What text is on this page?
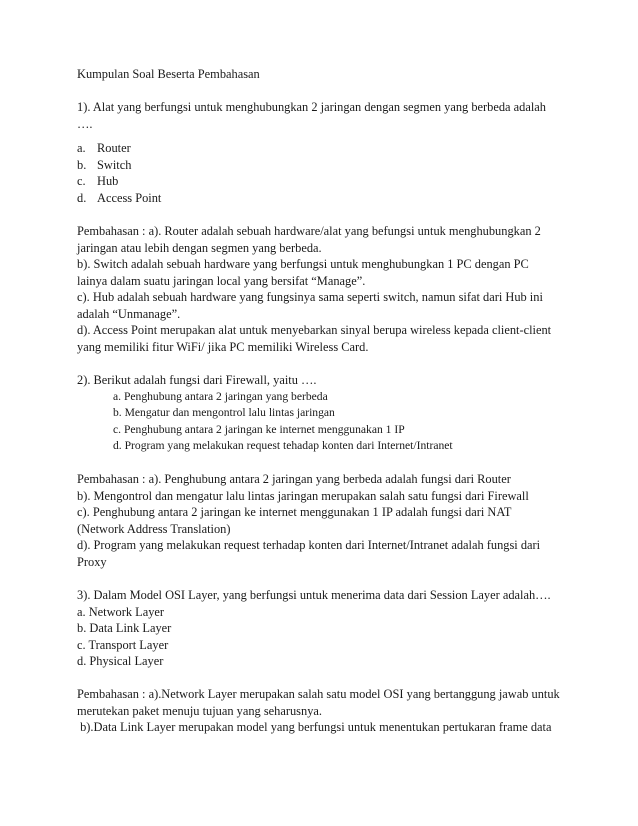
Kumpulan Soal Beserta Pembahasan
1). Alat yang berfungsi untuk menghubungkan 2 jaringan dengan segmen yang berbeda adalah
….
a. Router
b. Switch
c. Hub
d. Access Point
Pembahasan : a). Router adalah sebuah hardware/alat yang befungsi untuk menghubungkan 2
jaringan atau lebih dengan segmen yang berbeda.
b). Switch adalah sebuah hardware yang berfungsi untuk menghubungkan 1 PC dengan PC
lainya dalam suatu jaringan local yang bersifat “Manage”.
c). Hub adalah sebuah hardware yang fungsinya sama seperti switch, namun sifat dari Hub ini
adalah “Unmanage”.
d). Access Point merupakan alat untuk menyebarkan sinyal berupa wireless kepada client-client
yang memiliki fitur WiFi/ jika PC memiliki Wireless Card.
2). Berikut adalah fungsi dari Firewall, yaitu ….
a. Penghubung antara 2 jaringan yang berbeda
b. Mengatur dan mengontrol lalu lintas jaringan
c. Penghubung antara 2 jaringan ke internet menggunakan 1 IP
d. Program yang melakukan request tehadap konten dari Internet/Intranet
Pembahasan : a). Penghubung antara 2 jaringan yang berbeda adalah fungsi dari Router
b). Mengontrol dan mengatur lalu lintas jaringan merupakan salah satu fungsi dari Firewall
c). Penghubung antara 2 jaringan ke internet menggunakan 1 IP adalah fungsi dari NAT
(Network Address Translation)
d). Program yang melakukan request terhadap konten dari Internet/Intranet adalah fungsi dari
Proxy
3). Dalam Model OSI Layer, yang berfungsi untuk menerima data dari Session Layer adalah….
a. Network Layer
b. Data Link Layer
c. Transport Layer
d. Physical Layer
Pembahasan : a).Network Layer merupakan salah satu model OSI yang bertanggung jawab untuk
merutekan paket menuju tujuan yang seharusnya.
b).Data Link Layer merupakan model yang berfungsi untuk menentukan pertukaran frame data
